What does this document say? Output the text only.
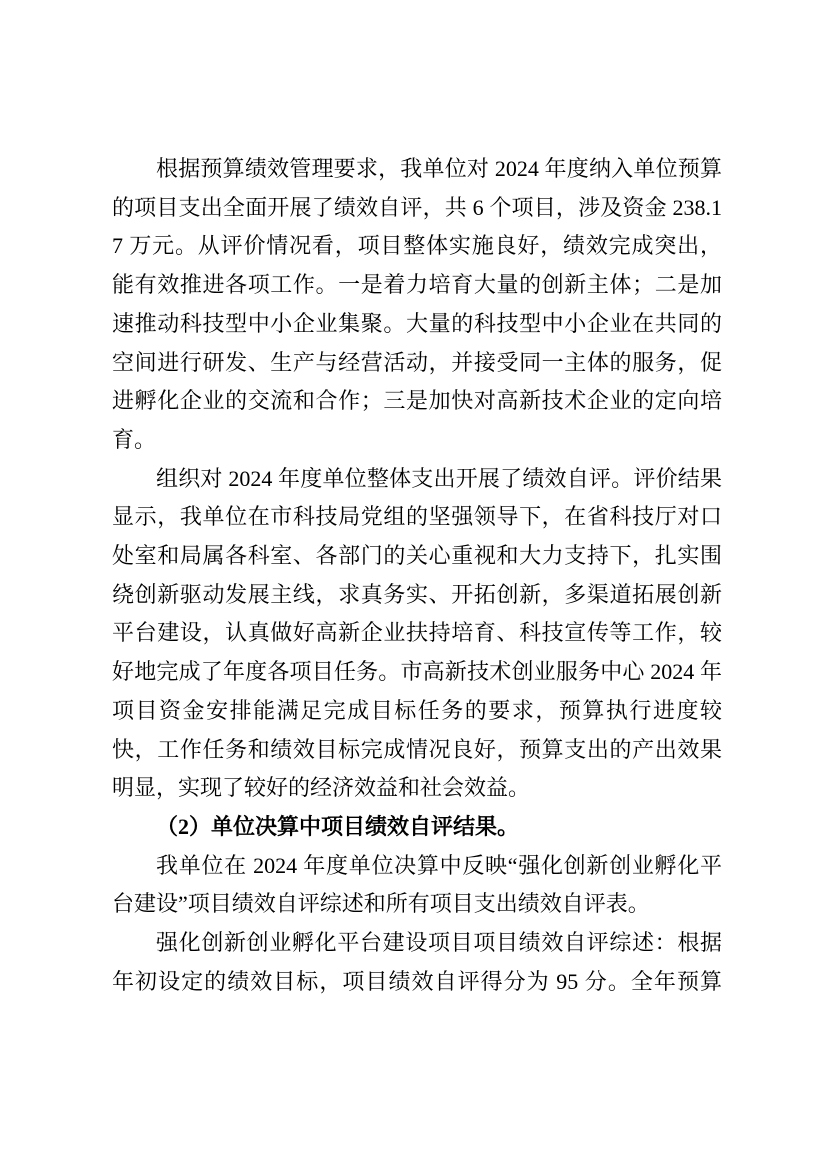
根据预算绩效管理要求，我单位对 2024 年度纳入单位预算的项目支出全面开展了绩效自评，共 6 个项目，涉及资金 238.17 万元。从评价情况看，项目整体实施良好，绩效完成突出，能有效推进各项工作。一是着力培育大量的创新主体；二是加速推动科技型中小企业集聚。大量的科技型中小企业在共同的空间进行研发、生产与经营活动，并接受同一主体的服务，促进孵化企业的交流和合作；三是加快对高新技术企业的定向培育。

组织对 2024 年度单位整体支出开展了绩效自评。评价结果显示，我单位在市科技局党组的坚强领导下，在省科技厅对口处室和局属各科室、各部门的关心重视和大力支持下，扎实围绕创新驱动发展主线，求真务实、开拓创新，多渠道拓展创新平台建设，认真做好高新企业扶持培育、科技宣传等工作，较好地完成了年度各项目任务。市高新技术创业服务中心 2024 年项目资金安排能满足完成目标任务的要求，预算执行进度较快，工作任务和绩效目标完成情况良好，预算支出的产出效果明显，实现了较好的经济效益和社会效益。

（2）单位决算中项目绩效自评结果。

我单位在 2024 年度单位决算中反映“强化创新创业孵化平台建设”项目绩效自评综述和所有项目支出绩效自评表。

强化创新创业孵化平台建设项目项目绩效自评综述：根据年初设定的绩效目标，项目绩效自评得分为 95 分。全年预算
